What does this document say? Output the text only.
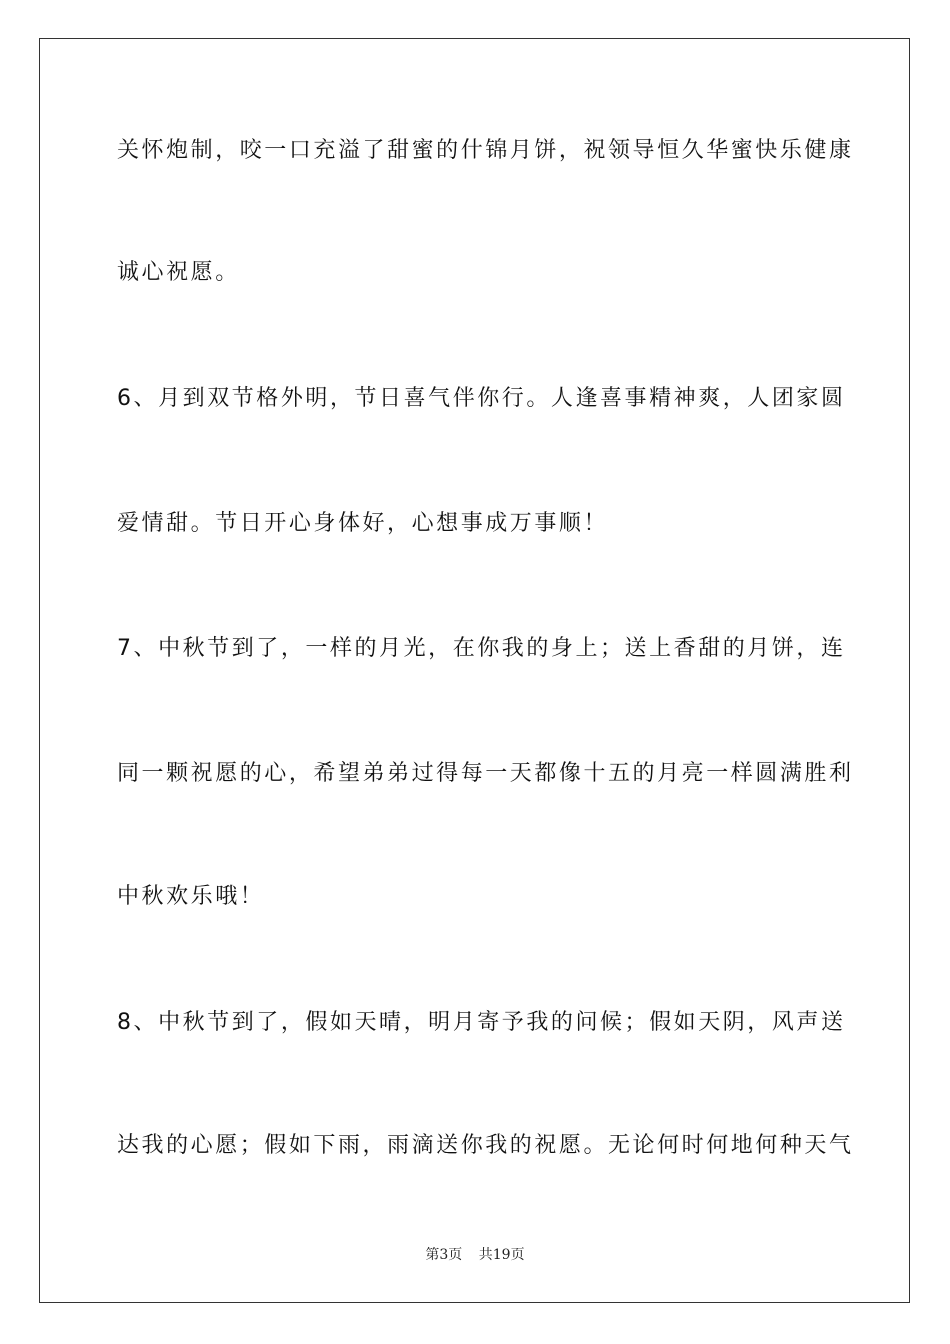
关怀炮制，咬一口充溢了甜蜜的什锦月饼，祝领导恒久华蜜快乐健康
诚心祝愿。
6、月到双节格外明，节日喜气伴你行。人逢喜事精神爽，人团家圆
爱情甜。节日开心身体好，心想事成万事顺！
7、中秋节到了，一样的月光，在你我的身上；送上香甜的月饼，连
同一颗祝愿的心，希望弟弟过得每一天都像十五的月亮一样圆满胜利
中秋欢乐哦！
8、中秋节到了，假如天晴，明月寄予我的问候；假如天阴，风声送
达我的心愿；假如下雨，雨滴送你我的祝愿。无论何时何地何种天气
第3页 共19页
